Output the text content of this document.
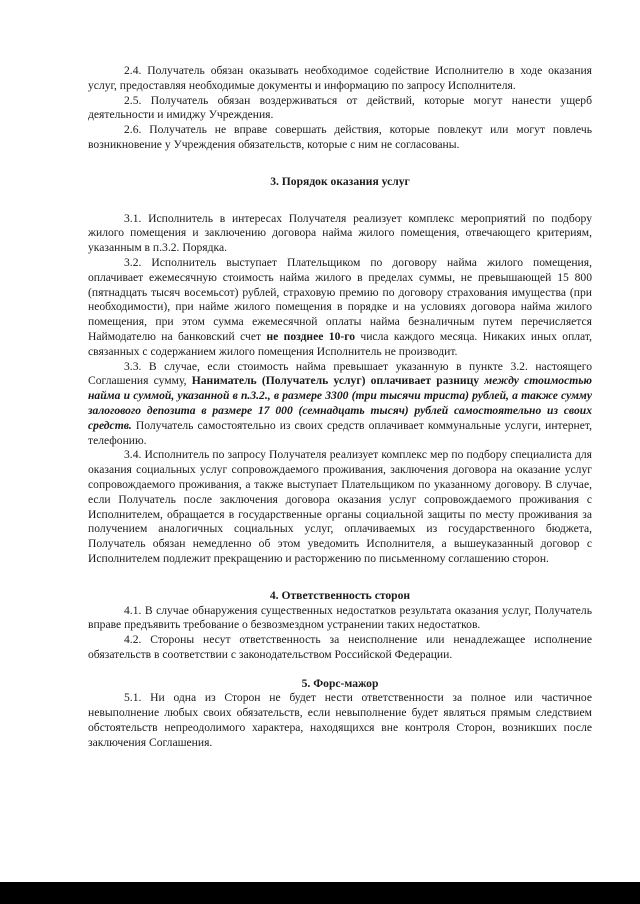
2.4. Получатель обязан оказывать необходимое содействие Исполнителю в ходе оказания услуг, предоставляя необходимые документы и информацию по запросу Исполнителя.

2.5. Получатель обязан воздерживаться от действий, которые могут нанести ущерб деятельности и имиджу Учреждения.

2.6. Получатель не вправе совершать действия, которые повлекут или могут повлечь возникновение у Учреждения обязательств, которые с ним не согласованы.

3. Порядок оказания услуг

3.1. Исполнитель в интересах Получателя реализует комплекс мероприятий по подбору жилого помещения и заключению договора найма жилого помещения, отвечающего критериям, указанным в п.3.2. Порядка.

3.2. Исполнитель выступает Плательщиком по договору найма жилого помещения, оплачивает ежемесячную стоимость найма жилого в пределах суммы, не превышающей 15 800 (пятнадцать тысяч восемьсот) рублей, страховую премию по договору страхования имущества (при необходимости), при найме жилого помещения в порядке и на условиях договора найма жилого помещения, при этом сумма ежемесячной оплаты найма безналичным путем перечисляется Наймодателю на банковский счет не позднее 10-го числа каждого месяца. Никаких иных оплат, связанных с содержанием жилого помещения Исполнитель не производит.

3.3. В случае, если стоимость найма превышает указанную в пункте 3.2. настоящего Соглашения сумму, Наниматель (Получатель услуг) оплачивает разницу между стоимостью найма и суммой, указанной в п.3.2., в размере 3300 (три тысячи триста) рублей, а также сумму залогового депозита в размере 17 000 (семнадцать тысяч) рублей самостоятельно из своих средств. Получатель самостоятельно из своих средств оплачивает коммунальные услуги, интернет, телефонию.

3.4. Исполнитель по запросу Получателя реализует комплекс мер по подбору специалиста для оказания социальных услуг сопровождаемого проживания, заключения договора на оказание услуг сопровождаемого проживания, а также выступает Плательщиком по указанному договору. В случае, если Получатель после заключения договора оказания услуг сопровождаемого проживания с Исполнителем, обращается в государственные органы социальной защиты по месту проживания за получением аналогичных социальных услуг, оплачиваемых из государственного бюджета, Получатель обязан немедленно об этом уведомить Исполнителя, а вышеуказанный договор с Исполнителем подлежит прекращению и расторжению по письменному соглашению сторон.

4. Ответственность сторон

4.1. В случае обнаружения существенных недостатков результата оказания услуг, Получатель вправе предъявить требование о безвозмездном устранении таких недостатков.

4.2. Стороны несут ответственность за неисполнение или ненадлежащее исполнение обязательств в соответствии с законодательством Российской Федерации.

5. Форс-мажор

5.1. Ни одна из Сторон не будет нести ответственности за полное или частичное невыполнение любых своих обязательств, если невыполнение будет являться прямым следствием обстоятельств непреодолимого характера, находящихся вне контроля Сторон, возникших после заключения Соглашения.
